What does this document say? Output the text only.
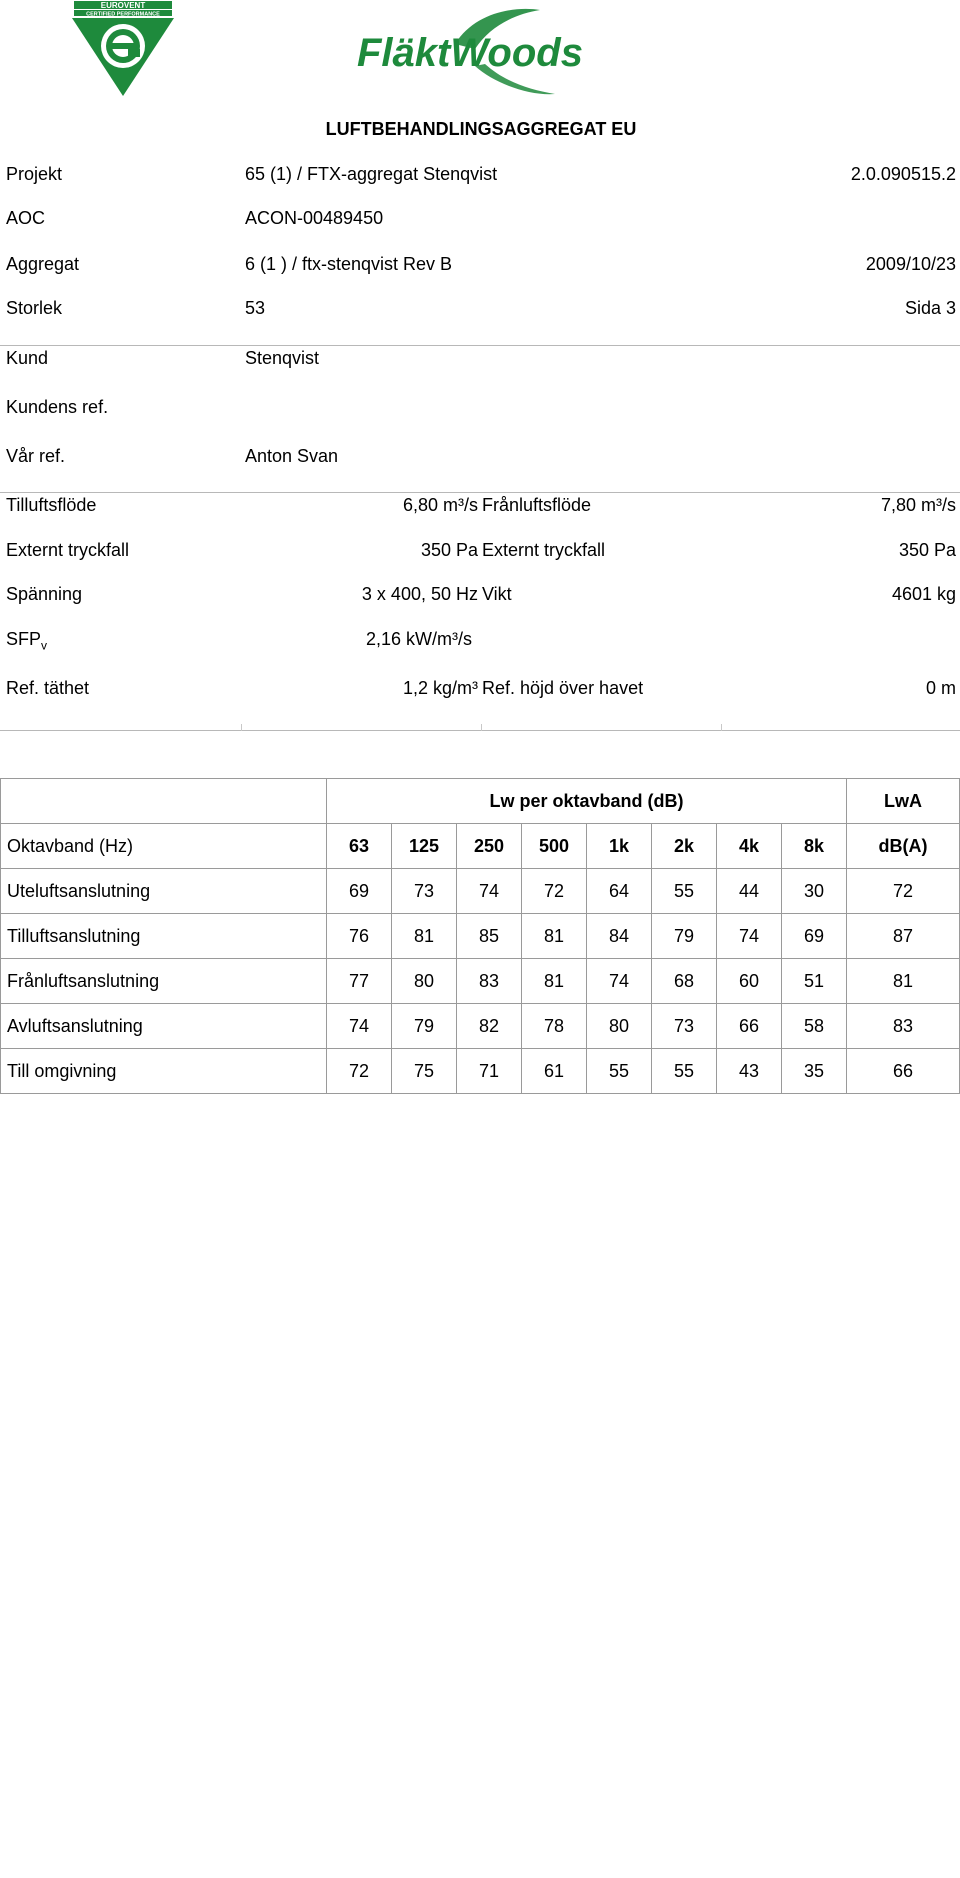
EUROVENT
CERTIFIED PERFORMANCE
FläktWoods
LUFTBEHANDLINGSAGGREGAT EU
Projekt	65 (1) / FTX-aggregat Stenqvist	2.0.090515.2
AOC	ACON-00489450
Aggregat	6 (1 ) / ftx-stenqvist Rev B	2009/10/23
Storlek	53	Sida 3
Kund	Stenqvist
Kundens ref.
Vår ref.	Anton Svan
Tilluftsflöde	6,80 m³/s Frånluftsflöde	7,80 m³/s
Externt tryckfall	350 Pa Externt tryckfall	350 Pa
Spänning	3 x 400, 50 Hz Vikt	4601 kg
$SFP_v$	2,16 kW/m³/s
Ref. täthet	1,2 kg/m³ Ref. höjd över havet	0 m
	Lw per oktavband (dB)								LwA
Oktavband (Hz)	63	125	250	500	1k	2k	4k	8k	dB(A)
Uteluftsanslutning	69	73	74	72	64	55	44	30	72
Tilluftsanslutning	76	81	85	81	84	79	74	69	87
Frånluftsanslutning	77	80	83	81	74	68	60	51	81
Avluftsanslutning	74	79	82	78	80	73	66	58	83
Till omgivning	72	75	71	61	55	55	43	35	66
